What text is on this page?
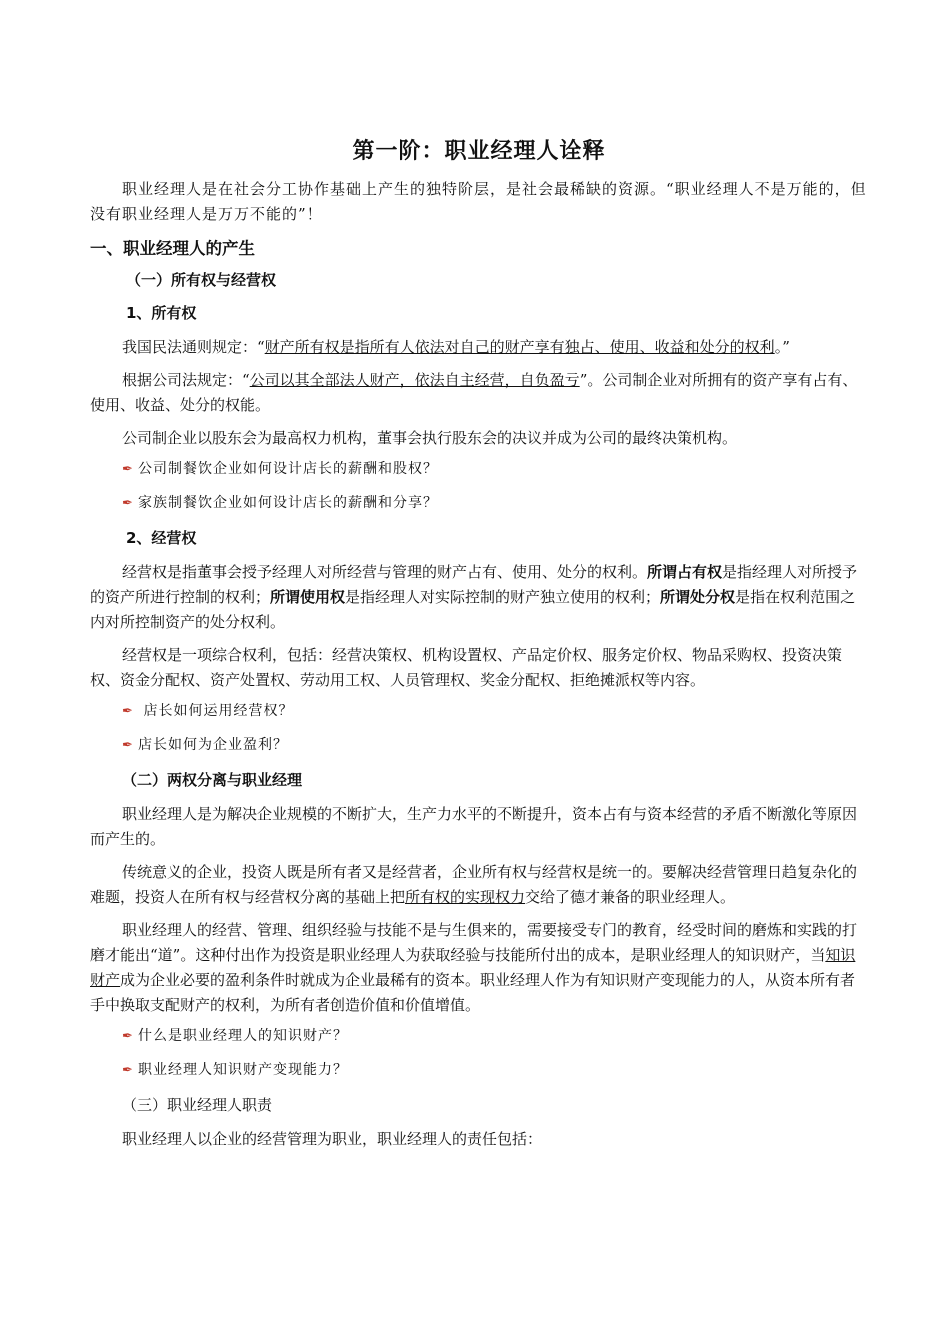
第一阶：职业经理人诠释

职业经理人是在社会分工协作基础上产生的独特阶层，是社会最稀缺的资源。“职业经理人不是万能的，但没有职业经理人是万万不能的”！

一、职业经理人的产生
（一）所有权与经营权
1、所有权

我国民法通则规定：“财产所有权是指所有人依法对自己的财产享有独占、使用、收益和处分的权利。”

根据公司法规定：“公司以其全部法人财产，依法自主经营，自负盈亏”。公司制企业对所拥有的资产享有占有、使用、收益、处分的权能。

公司制企业以股东会为最高权力机构，董事会执行股东会的决议并成为公司的最终决策机构。

✒ 公司制餐饮企业如何设计店长的薪酬和股权？
✒ 家族制餐饮企业如何设计店长的薪酬和分享？
2、经营权

经营权是指董事会授予经理人对所经营与管理的财产占有、使用、处分的权利。所谓占有权是指经理人对所授予的资产所进行控制的权利；所谓使用权是指经理人对实际控制的财产独立使用的权利；所谓处分权是指在权利范围之内对所控制资产的处分权利。

经营权是一项综合权利，包括：经营决策权、机构设置权、产品定价权、服务定价权、物品采购权、投资决策权、资金分配权、资产处置权、劳动用工权、人员管理权、奖金分配权、拒绝摊派权等内容。

✒ 店长如何运用经营权？
✒ 店长如何为企业盈利？
（二）两权分离与职业经理

职业经理人是为解决企业规模的不断扩大，生产力水平的不断提升，资本占有与资本经营的矛盾不断激化等原因而产生的。

传统意义的企业，投资人既是所有者又是经营者，企业所有权与经营权是统一的。要解决经营管理日趋复杂化的难题，投资人在所有权与经营权分离的基础上把所有权的实现权力交给了德才兼备的职业经理人。

职业经理人的经营、管理、组织经验与技能不是与生俱来的，需要接受专门的教育，经受时间的磨炼和实践的打磨才能出“道”。这种付出作为投资是职业经理人为获取经验与技能所付出的成本，是职业经理人的知识财产，当知识财产成为企业必要的盈利条件时就成为企业最稀有的资本。职业经理人作为有知识财产变现能力的人，从资本所有者手中换取支配财产的权利，为所有者创造价值和价值增值。

✒ 什么是职业经理人的知识财产？
✒ 职业经理人知识财产变现能力？
（三）职业经理人职责

职业经理人以企业的经营管理为职业，职业经理人的责任包括：
